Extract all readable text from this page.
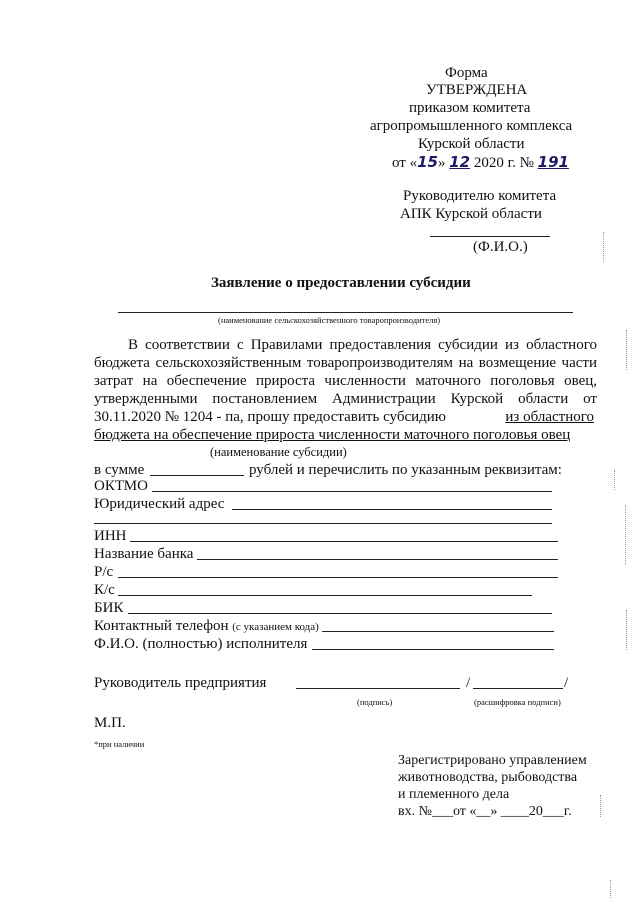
Форма
УТВЕРЖДЕНА
приказом комитета
агропромышленного комплекса
Курской области
от «15» 12 2020 г. № 191
Руководителю комитета
АПК Курской области
(Ф.И.О.)
Заявление о предоставлении субсидии
(наименование сельскохозяйственного товаропроизводителя)
В соответствии с Правилами предоставления субсидии из областного
бюджета сельскохозяйственным товаропроизводителям на возмещение части
затрат на обеспечение прироста численности маточного поголовья овец,
утвержденными постановлением Администрации Курской области от
30.11.2020 № 1204 - па, прошу предоставить субсидию	из областного
бюджета на обеспечение прироста численности маточного поголовья овец
(наименование субсидии)
в сумме	рублей и перечислить по указанным реквизитам:
ОКТМО
Юридический адрес
ИНН
Название банка
Р/с
К/с
БИК
Контактный телефон (с указанием кода)
Ф.И.О. (полностью) исполнителя
Руководитель предприятия	/	/
(подпись)	(расшифровка подписи)
М.П.
*при наличии
Зарегистрировано управлением
животноводства, рыбоводства
и племенного дела
вх. №___от «__» ____20___г.
